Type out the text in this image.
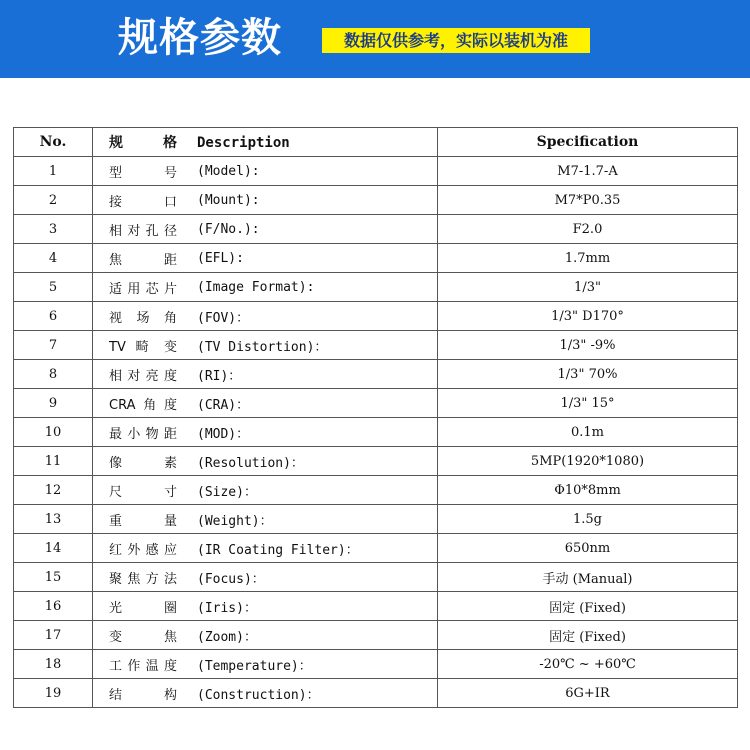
规格参数	数据仅供参考，实际以装机为准
No.	规　格 Description	Specification
1	型　号 (Model):	M7-1.7-A
2	接　口 (Mount):	M7*P0.35
3	相对孔径 (F/No.):	F2.0
4	焦　距 (EFL):	1.7mm
5	适用芯片 (Image Format):	1/3"
6	视 场 角 (FOV)：	1/3" D170°
7	TV 畸 变 (TV Distortion)：	1/3" -9%
8	相对亮度 (RI)：	1/3" 70%
9	CRA角度 (CRA)：	1/3" 15°
10	最小物距 (MOD)：	0.1m
11	像　素 (Resolution)：	5MP(1920*1080)
12	尺　寸 (Size)：	Φ10*8mm
13	重　量 (Weight)：	1.5g
14	红外感应 (IR Coating Filter)：	650nm
15	聚焦方法 (Focus)：	手动 (Manual)
16	光　圈 (Iris)：	固定 (Fixed)
17	变　焦 (Zoom)：	固定 (Fixed)
18	工作温度 (Temperature)：	-20℃ ~ +60℃
19	结　构 (Construction)：	6G+IR
